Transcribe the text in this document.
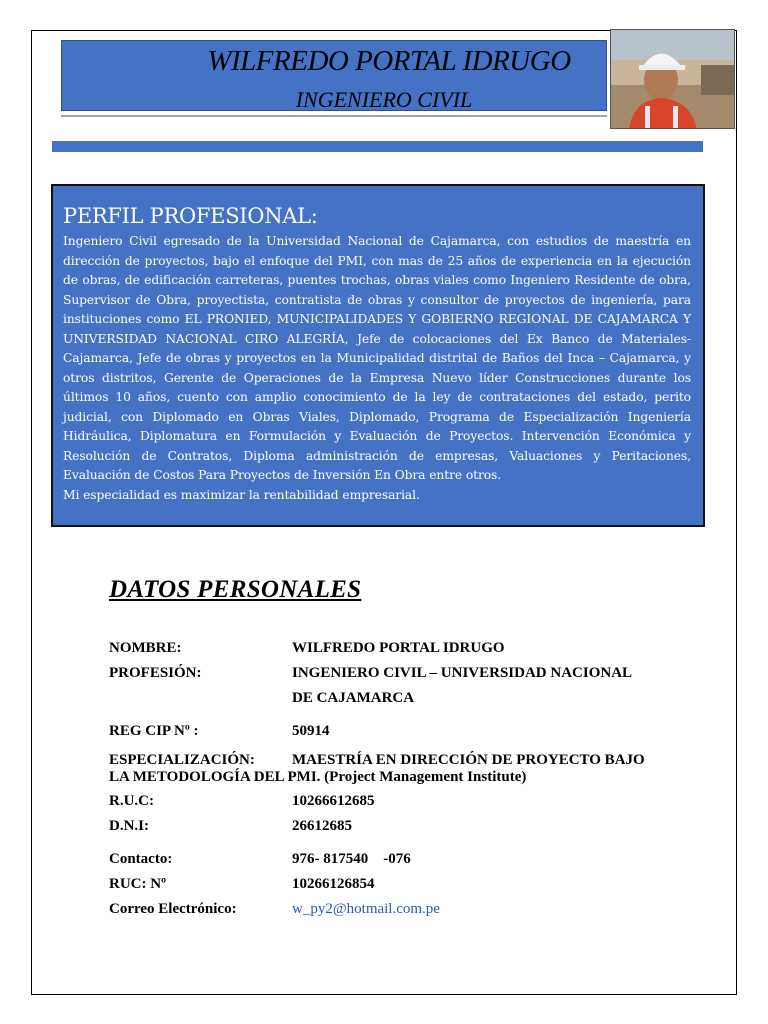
WILFREDO PORTAL IDRUGO
INGENIERO CIVIL
PERFIL PROFESIONAL:

Ingeniero Civil egresado de la Universidad Nacional de Cajamarca, con estudios de maestría en dirección de proyectos, bajo el enfoque del PMI, con mas de 25 años de experiencia en la ejecución de obras, de edificación carreteras, puentes trochas, obras viales como Ingeniero Residente de obra, Supervisor de Obra, proyectista, contratista de obras y consultor de proyectos de ingeniería, para instituciones como EL PRONIED, MUNICIPALIDADES Y GOBIERNO REGIONAL DE CAJAMARCA Y UNIVERSIDAD NACIONAL CIRO ALEGRÍA, Jefe de colocaciones del Ex Banco de Materiales- Cajamarca, Jefe de obras y proyectos en la Municipalidad distrital de Baños del Inca – Cajamarca, y otros distritos, Gerente de Operaciones de la Empresa Nuevo líder Construcciones durante los últimos 10 años, cuento con amplio conocimiento de la ley de contrataciones del estado, perito judicial, con Diplomado en Obras Viales, Diplomado, Programa de Especialización Ingeniería Hidráulica, Diplomatura en Formulación y Evaluación de Proyectos. Intervención Económica y Resolución de Contratos, Diploma administración de empresas, Valuaciones y Peritaciones, Evaluación de Costos Para Proyectos de Inversión En Obra entre otros.

Mi especialidad es maximizar la rentabilidad empresarial.

DATOS PERSONALES
NOMBRE:	WILFREDO PORTAL IDRUGO
PROFESIÓN:	INGENIERO CIVIL – UNIVERSIDAD NACIONAL
DE CAJAMARCA
REG CIP Nº :	50914
ESPECIALIZACIÓN: MAESTRÍA EN DIRECCIÓN DE PROYECTO BAJO
LA METODOLOGÍA DEL PMI. (Project Management Institute)
R.U.C:	10266612685
D.N.I:	26612685
Contacto:	976- 817540    -076
RUC: Nº	10266126854
Correo Electrónico:	w_py2@hotmail.com.pe
